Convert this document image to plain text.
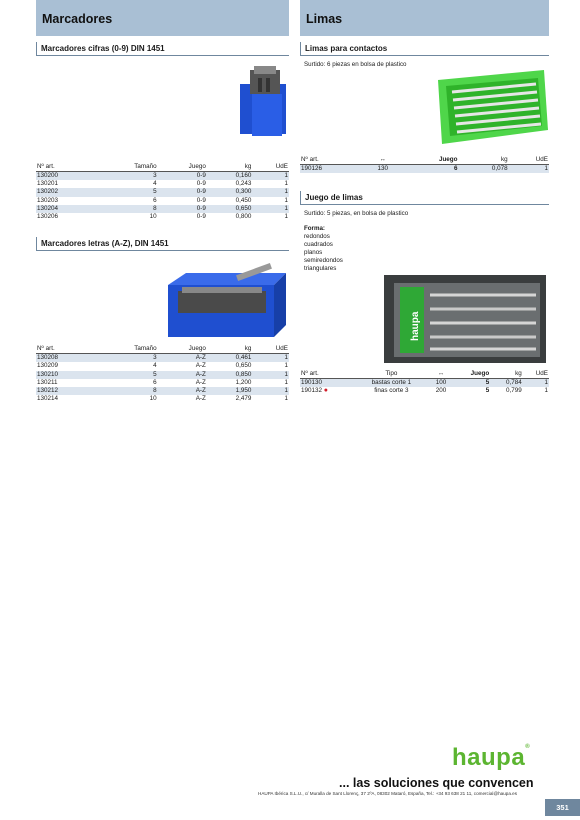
Marcadores
Marcadores cifras (0-9) DIN 1451
Nº art.	Tamaño	Juego	kg	UdE
130200	3	0-9	0,160	1
130201	4	0-9	0,243	1
130202	5	0-9	0,300	1
130203	6	0-9	0,450	1
130204	8	0-9	0,650	1
130206	10	0-9	0,800	1
Marcadores letras (A-Z), DIN 1451
Nº art.	Tamaño	Juego	kg	UdE
130208	3	A-Z	0,461	1
130209	4	A-Z	0,650	1
130210	5	A-Z	0,850	1
130211	6	A-Z	1,200	1
130212	8	A-Z	1,950	1
130214	10	A-Z	2,479	1
Limas
Limas para contactos
Surtido: 6 piezas en bolsa de plastico
Nº art.	↔	Juego	kg	UdE
190126	130	6	0,078	1
Juego de limas
Surtido: 5 piezas, en bolsa de plastico
Forma:
redondos
cuadrados
planos
semiredondos
triangulares
haupa
Nº art.	Tipo	↔	Juego	kg	UdE
190130	bastas corte 1	100	5	0,784	1
190132 ●	finas corte 3	200	5	0,799	1
haupa®
... las soluciones que convencen
HAUPA Ibérica S.L.U., c/ Muralla de Sant Llorenç, 37 2ºA, 08302 Mataró, España, Tel.: +34 93 638 21 11, comercial@haupa.es
351
